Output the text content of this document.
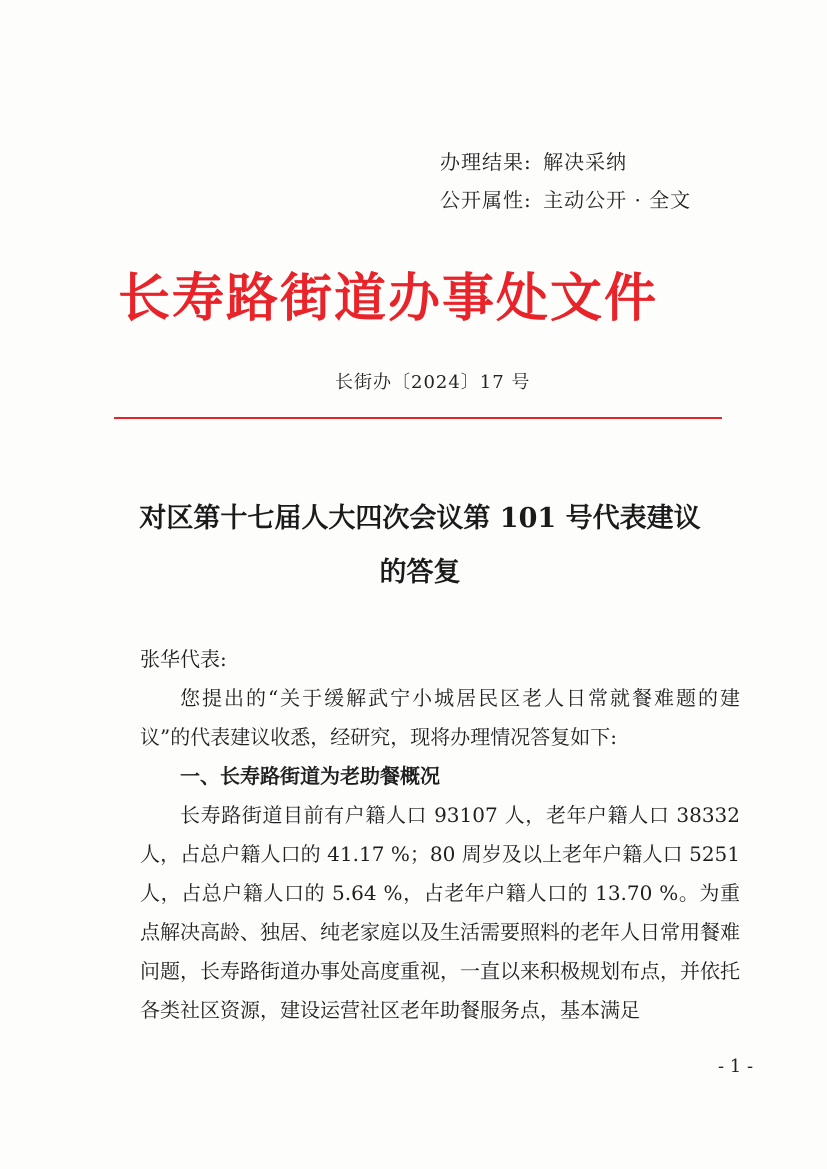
办理结果: 解决采纳
公开属性: 主动公开 · 全文
长寿路街道办事处文件
长街办〔2024〕17 号
对区第十七届人大四次会议第 101 号代表建议
的答复

张华代表:

您提出的“关于缓解武宁小城居民区老人日常就餐难题的建议”的代表建议收悉，经研究，现将办理情况答复如下:

一、长寿路街道为老助餐概况

长寿路街道目前有户籍人口 93107 人，老年户籍人口 38332 人，占总户籍人口的 41.17 %；80 周岁及以上老年户籍人口 5251 人，占总户籍人口的 5.64 %，占老年户籍人口的 13.70 %。为重点解决高龄、独居、纯老家庭以及生活需要照料的老年人日常用餐难问题，长寿路街道办事处高度重视，一直以来积极规划布点，并依托各类社区资源，建设运营社区老年助餐服务点，基本满足

- 1 -
